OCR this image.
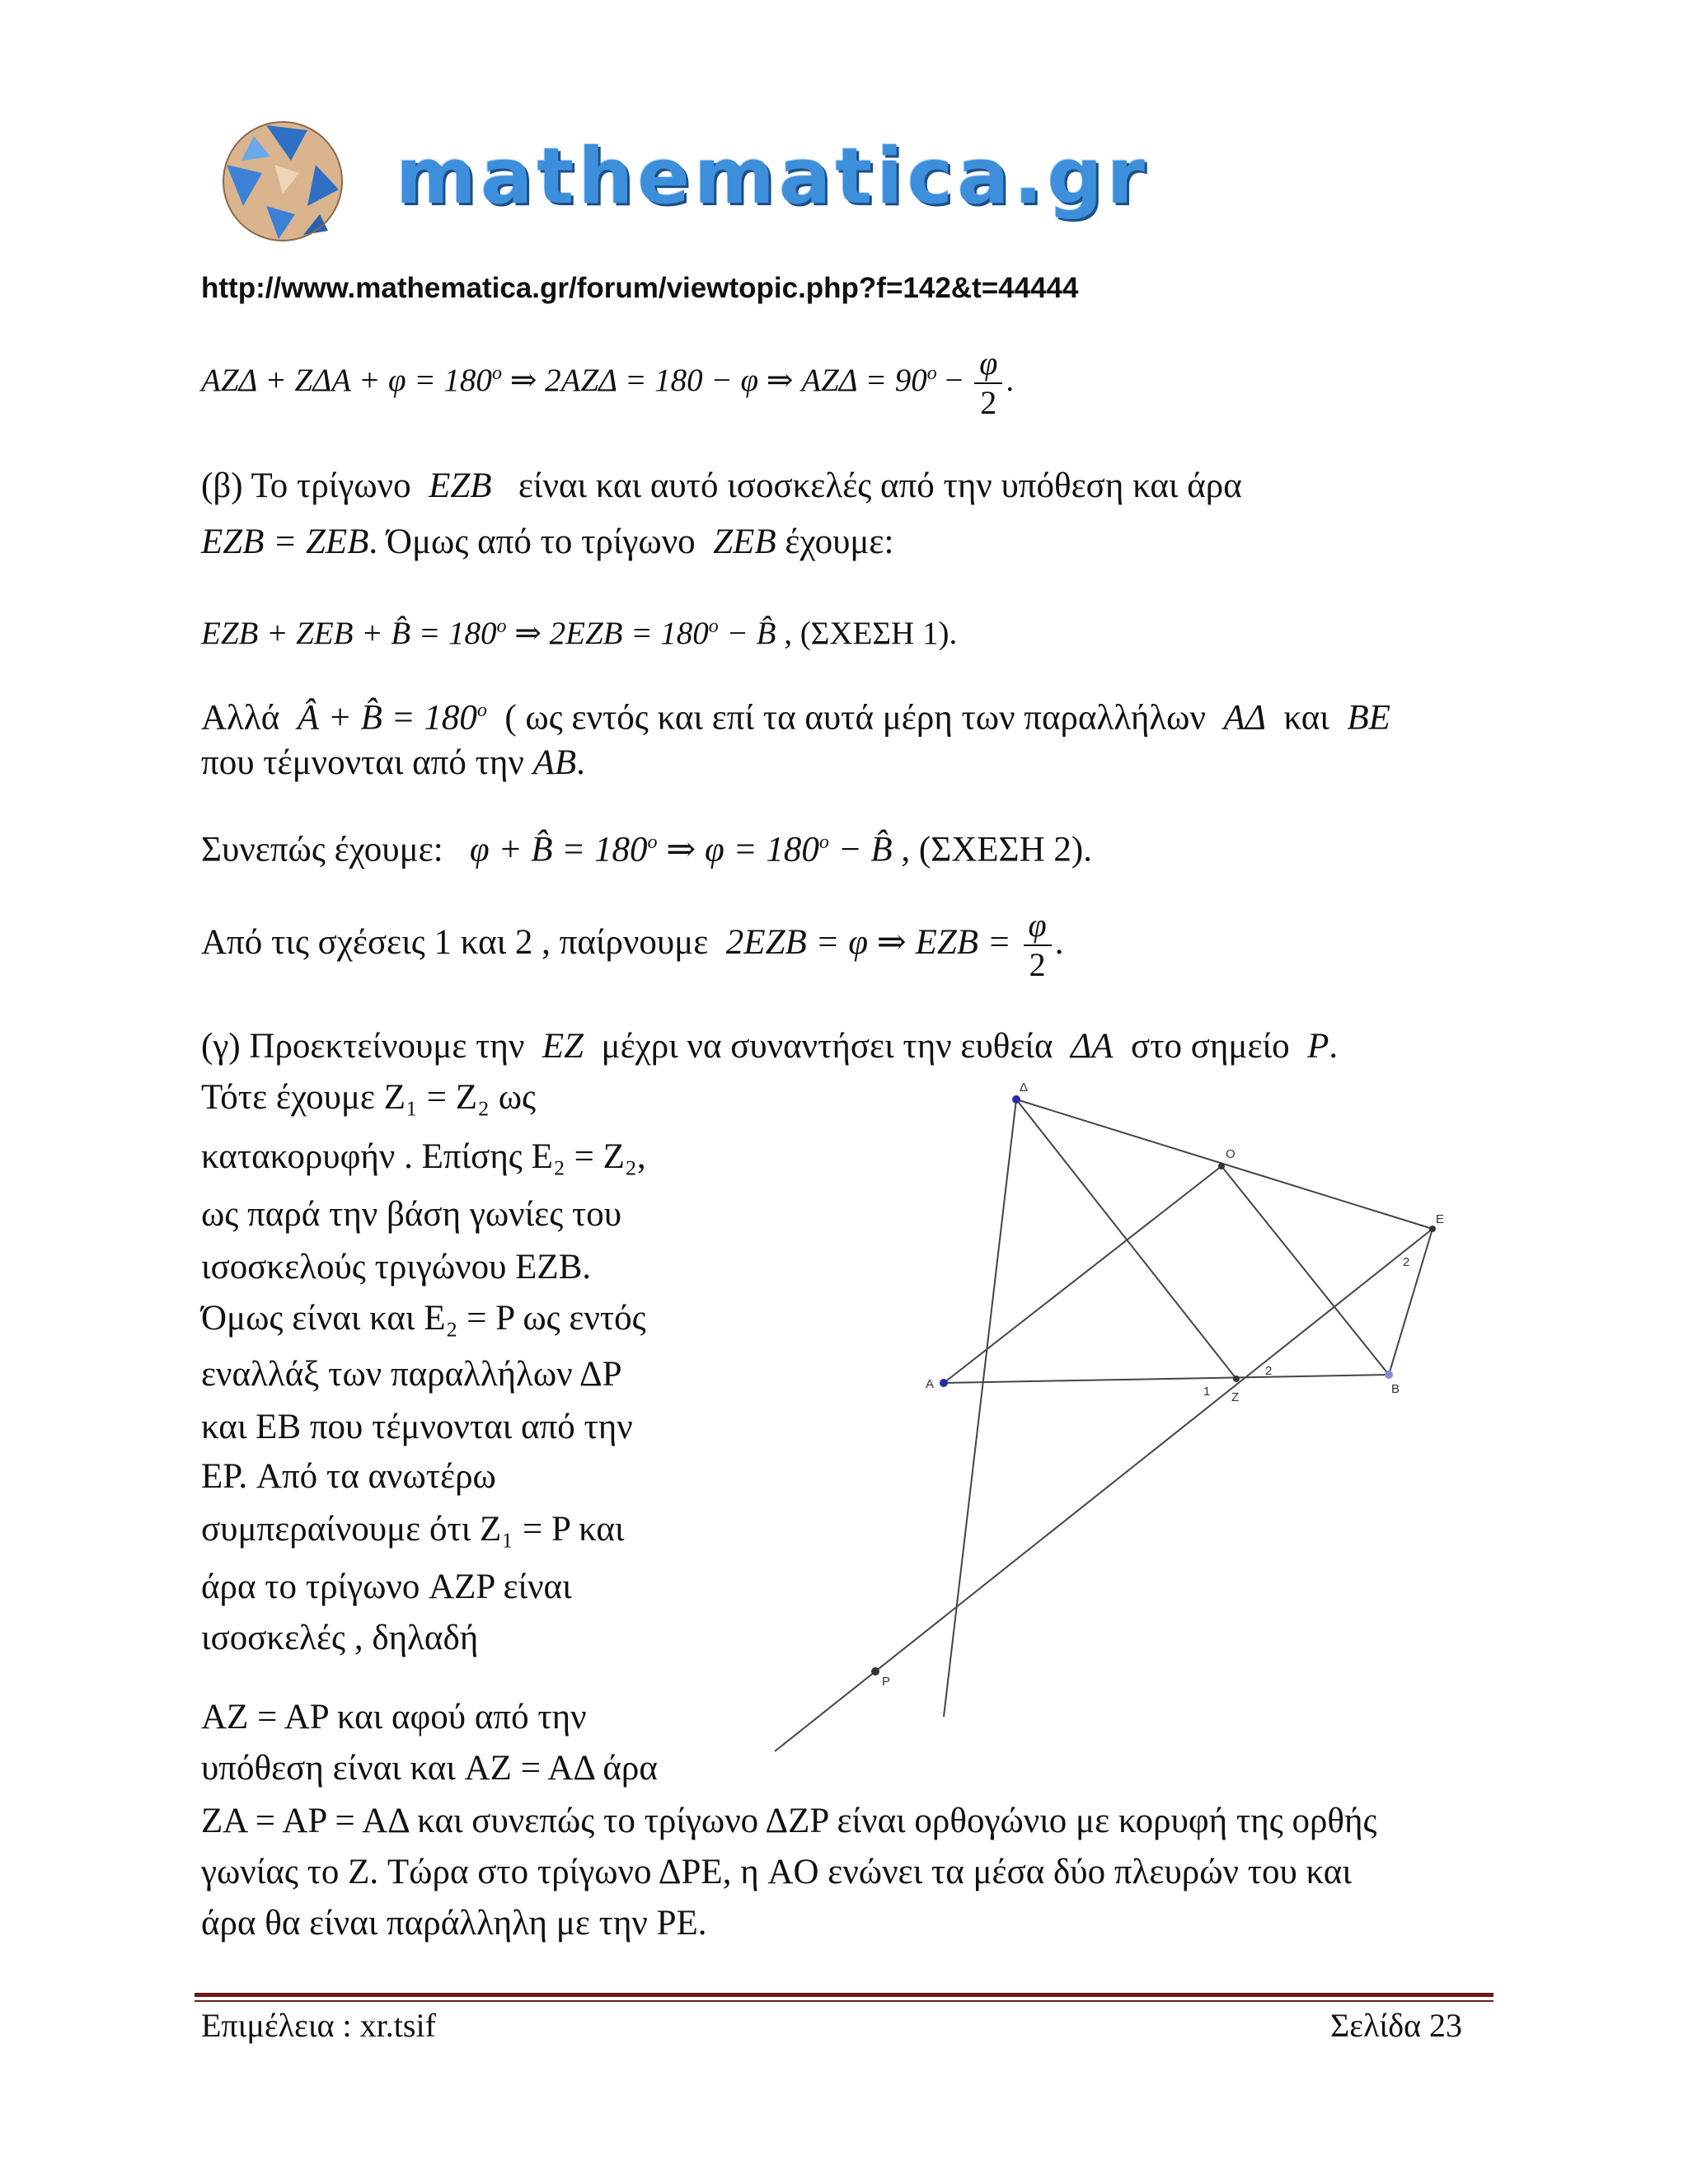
mathematica.gr
http://www.mathematica.gr/forum/viewtopic.php?f=142&t=44444
$AZ\Delta + Z\Delta A + \varphi = 180^o$ ⇒ 2AZΔ = 180 − φ ⇒ $AZ\Delta = 90^o - \frac{\varphi}{2}$ .
(β) Το τρίγωνο EZB είναι και αυτό ισοσκελές από την υπόθεση και άρα
EZB = ZEB. Όμως από το τρίγωνο ZEB έχουμε:
EZB + ZEB + B̂ = $180^o$ ⇒ $2EZB = 180^o$ − B̂ , (ΣΧΕΣΗ 1).
Αλλά Â + B̂ = $180^o$ ( ως εντός και επί τα αυτά μέρη των παραλλήλων AΔ και BE
που τέμνονται από την AB.
Συνεπώς έχουμε: φ + B̂ = $180^o$ ⇒ $\varphi = 180^o$ − B̂ , (ΣΧΕΣΗ 2).
Από τις σχέσεις 1 και 2 , παίρνουμε 2EZB = φ ⇒ EZB = $\frac{\varphi}{2}$ .
(γ) Προεκτείνουμε την EZ μέχρι να συναντήσει την ευθεία ΔA στο σημείο P.
Τότε έχουμε Z₁ = Z₂ ως
κατακορυφήν . Επίσης E₂ = Z₂,
ως παρά την βάση γωνίες του
ισοσκελούς τριγώνου EZB.
Όμως είναι και E₂ = P ως εντός
εναλλάξ των παραλλήλων ΔP
και EB που τέμνονται από την
EP. Από τα ανωτέρω
συμπεραίνουμε ότι Z₁ = P και
άρα το τρίγωνο AZP είναι
ισοσκελές , δηλαδή
AZ = AP και αφού από την
υπόθεση είναι και AZ = AΔ άρα
ZA = AP = AΔ και συνεπώς το τρίγωνο ΔZP είναι ορθογώνιο με κορυφή της ορθής
γωνίας το Z. Τώρα στο τρίγωνο ΔPE, η AO ενώνει τα μέσα δύο πλευρών του και
άρα θα είναι παράλληλη με την PE.
Δ
O
E
A
Z
B
P
1
2
2
Επιμέλεια : xr.tsif	Σελίδα 23
